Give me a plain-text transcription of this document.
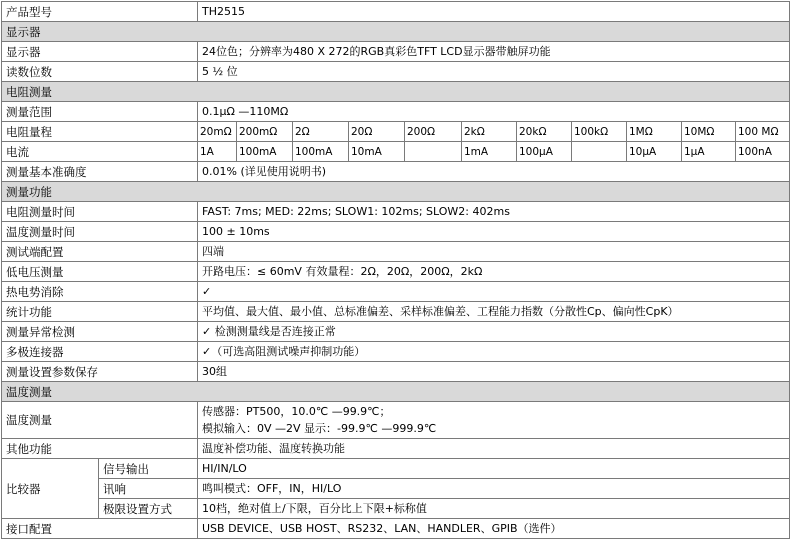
产品型号		TH2515										
显示器												
显示器		24位色；分辨率为480 X 272的RGB真彩色TFT LCD显示器带触屏功能										
读数位数		5 ½ 位										
电阻测量												
测量范围		0.1μΩ —110MΩ										
电阻量程		20mΩ	200mΩ	2Ω	20Ω	200Ω	2kΩ	20kΩ	100kΩ	1MΩ	10MΩ	100 MΩ
电流		1A	100mA	100mA	10mA		1mA	100μA		10μA	1μA	100nA
测量基本准确度		0.01% (详见使用说明书)										
测量功能												
电阻测量时间		FAST: 7ms; MED: 22ms; SLOW1: 102ms; SLOW2: 402ms										
温度测量时间		100 ± 10ms										
测试端配置		四端										
低电压测量		开路电压：≤ 60mV 有效量程：2Ω，20Ω，200Ω，2kΩ										
热电势消除		✓										
统计功能		平均值、最大值、最小值、总标准偏差、采样标准偏差、工程能力指数（分散性Cp、偏向性CpK）										
测量异常检测		✓ 检测测量线是否连接正常										
多极连接器		✓（可选高阻测试噪声抑制功能）										
测量设置参数保存		30组										
温度测量												
温度测量		传感器：PT500，10.0℃ —99.9℃；
模拟输入：0V —2V 显示：-99.9℃ —999.9℃										

其他功能		温度补偿功能、温度转换功能										
比较器	信号输出	HI/IN/LO										
	讯响	鸣叫模式：OFF，IN，HI/LO										
	极限设置方式	10档，绝对值上/下限，百分比上下限+标称值										
接口配置		USB DEVICE、USB HOST、RS232、LAN、HANDLER、GPIB（选件）										
